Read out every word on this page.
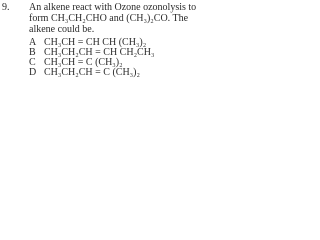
9. An alkene react with Ozone ozonolysis to
form CH₃CH₂CHO and (CH₃)₂CO. The
alkene could be.
A CH₃CH = CH CH (CH₃)₂
B CH₃CH₂CH = CH CH₂CH₃
C CH₃CH = C (CH₃)₂
D CH₃CH₂CH = C (CH₃)₂
